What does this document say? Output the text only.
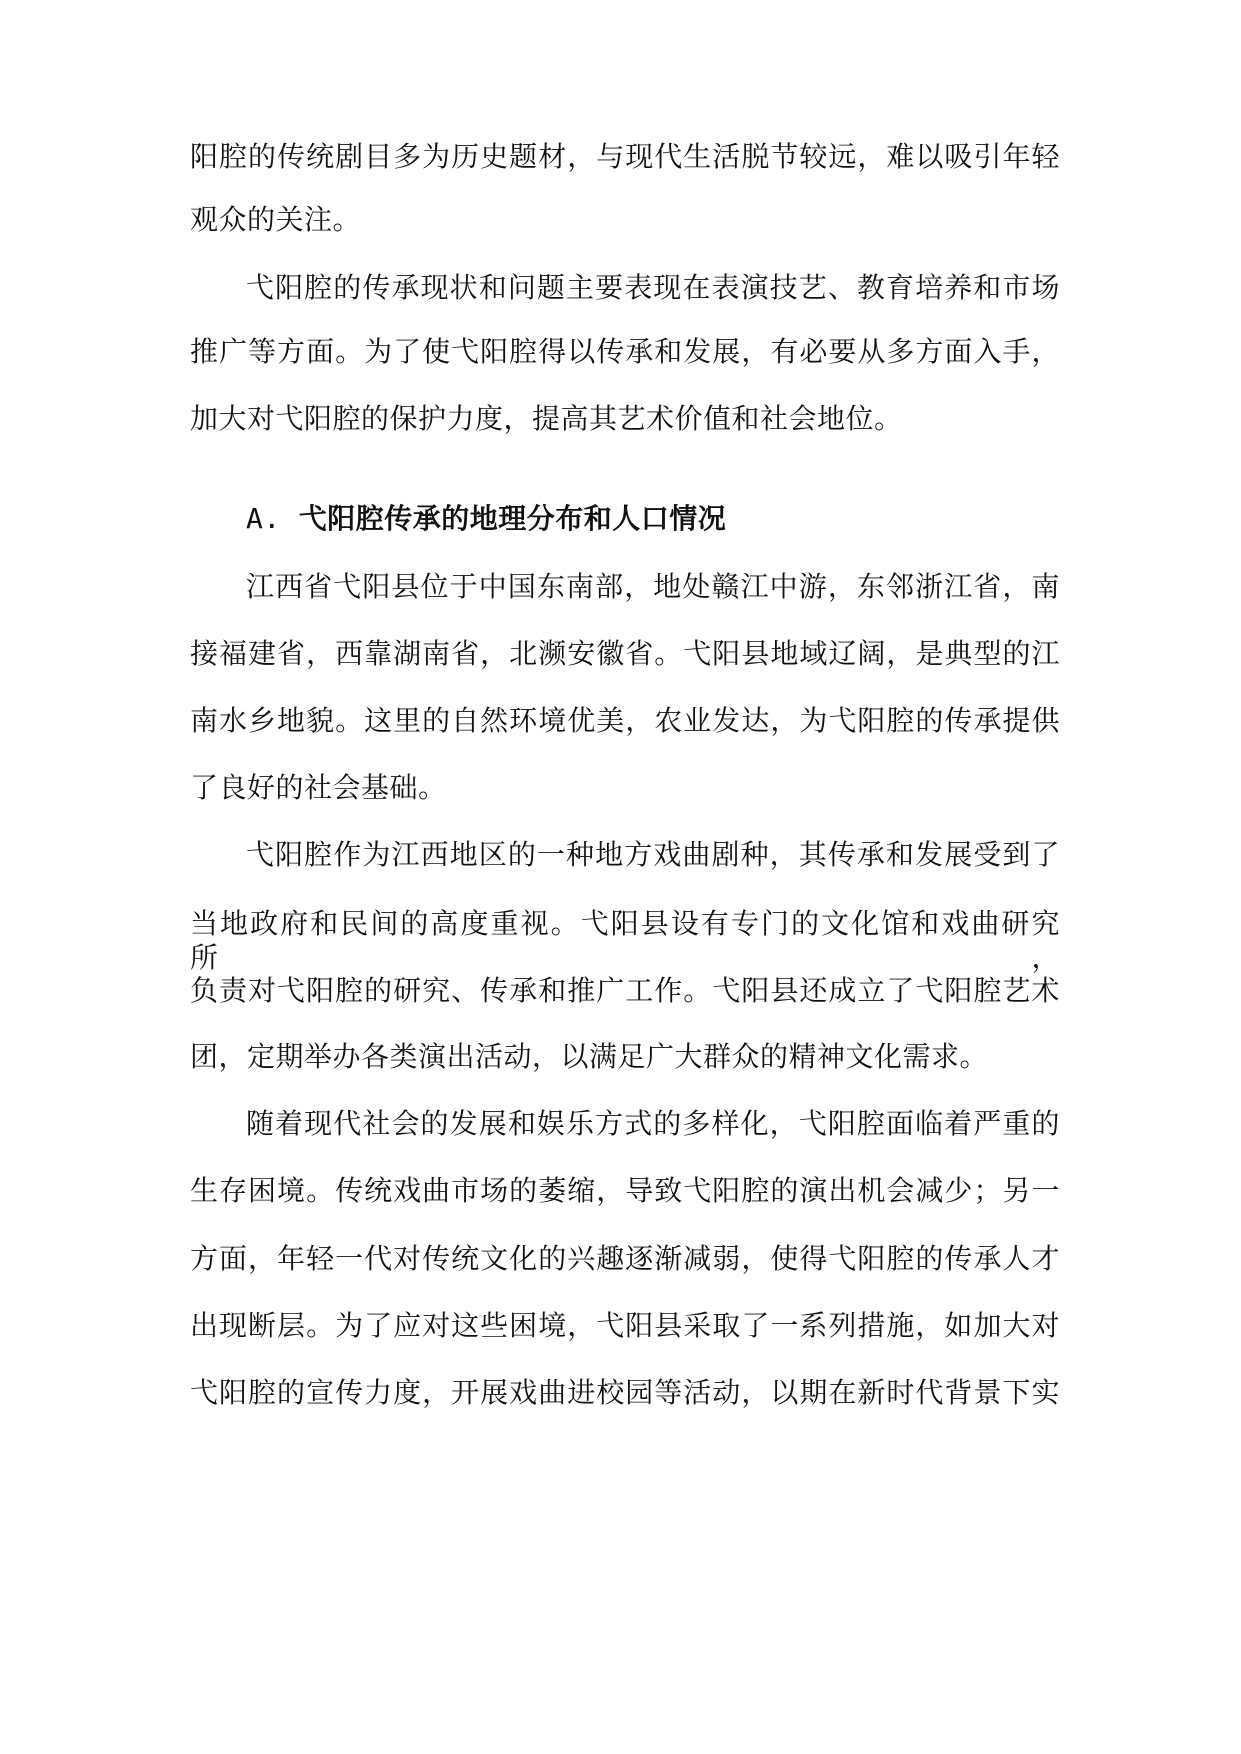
阳腔的传统剧目多为历史题材，与现代生活脱节较远，难以吸引年轻
观众的关注。
弋阳腔的传承现状和问题主要表现在表演技艺、教育培养和市场
推广等方面。为了使弋阳腔得以传承和发展，有必要从多方面入手，
加大对弋阳腔的保护力度，提高其艺术价值和社会地位。
A. 弋阳腔传承的地理分布和人口情况
江西省弋阳县位于中国东南部，地处赣江中游，东邻浙江省，南
接福建省，西靠湖南省，北濒安徽省。弋阳县地域辽阔，是典型的江
南水乡地貌。这里的自然环境优美，农业发达，为弋阳腔的传承提供
了良好的社会基础。
弋阳腔作为江西地区的一种地方戏曲剧种，其传承和发展受到了
当地政府和民间的高度重视。弋阳县设有专门的文化馆和戏曲研究所，
负责对弋阳腔的研究、传承和推广工作。弋阳县还成立了弋阳腔艺术
团，定期举办各类演出活动，以满足广大群众的精神文化需求。
随着现代社会的发展和娱乐方式的多样化，弋阳腔面临着严重的
生存困境。传统戏曲市场的萎缩，导致弋阳腔的演出机会减少；另一
方面，年轻一代对传统文化的兴趣逐渐减弱，使得弋阳腔的传承人才
出现断层。为了应对这些困境，弋阳县采取了一系列措施，如加大对
弋阳腔的宣传力度，开展戏曲进校园等活动，以期在新时代背景下实
